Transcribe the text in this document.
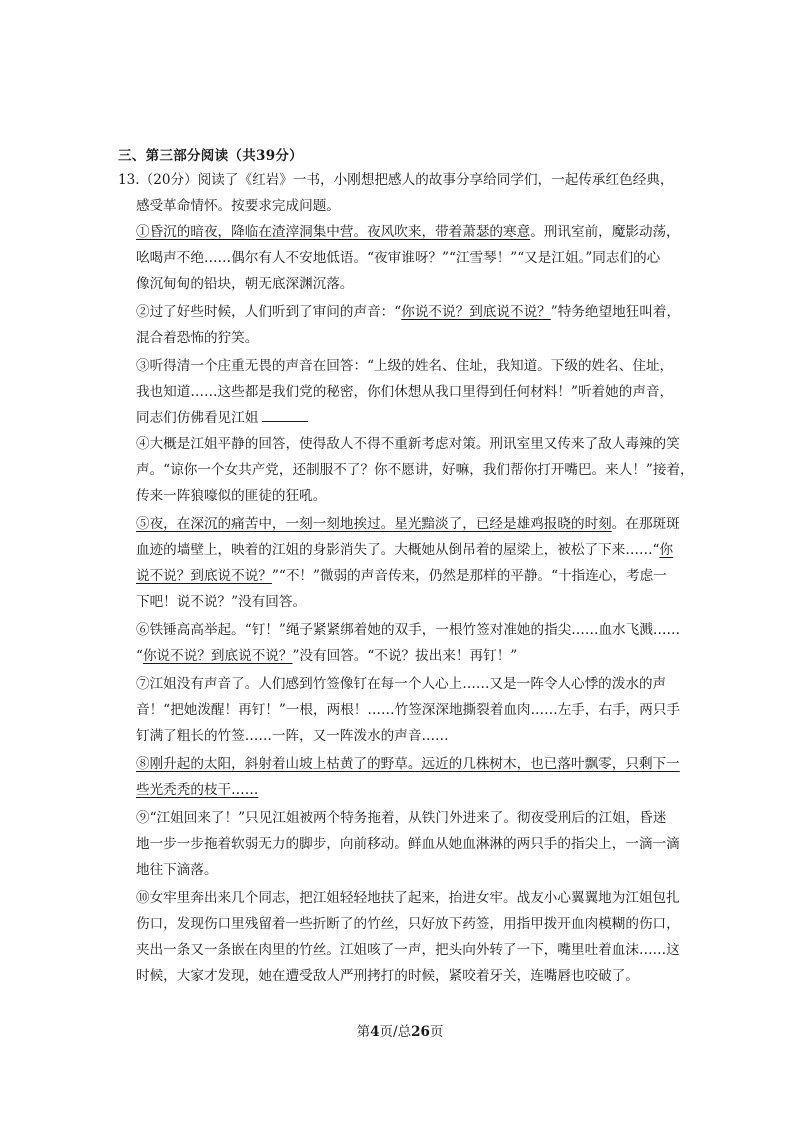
三、第三部分阅读（共39分）
13.（20分）阅读了《红岩》一书，小刚想把感人的故事分享给同学们，一起传承红色经典，
感受革命情怀。按要求完成问题。
①昏沉的暗夜，降临在渣滓洞集中营。夜风吹来，带着萧瑟的寒意。刑讯室前，魔影动荡，
吆喝声不绝……偶尔有人不安地低语。“夜审谁呀？”“江雪琴！”“又是江姐。”同志们的心
像沉甸甸的铅块，朝无底深渊沉落。
②过了好些时候，人们听到了审问的声音：“你说不说？到底说不说？”特务绝望地狂叫着，
混合着恐怖的狞笑。
③听得清一个庄重无畏的声音在回答：“上级的姓名、住址，我知道。下级的姓名、住址，
我也知道……这些都是我们党的秘密，你们休想从我口里得到任何材料！”听着她的声音，
同志们仿佛看见江姐
④大概是江姐平静的回答，使得敌人不得不重新考虑对策。刑讯室里又传来了敌人毒辣的笑
声。“谅你一个女共产党，还制服不了？你不愿讲，好嘛，我们帮你打开嘴巴。来人！”接着，
传来一阵狼嚎似的匪徒的狂吼。
⑤夜，在深沉的痛苦中，一刻一刻地挨过。星光黯淡了，已经是雄鸡报晓的时刻。在那斑斑
血迹的墙壁上，映着的江姐的身影消失了。大概她从倒吊着的屋梁上，被松了下来……“你
说不说？到底说不说？”“不！”微弱的声音传来，仍然是那样的平静。“十指连心，考虑一
下吧！说不说？”没有回答。
⑥铁锤高高举起。“钉！”绳子紧紧绑着她的双手，一根竹签对准她的指尖……血水飞溅……
“你说不说？到底说不说？”没有回答。“不说？拔出来！再钉！”
⑦江姐没有声音了。人们感到竹签像钉在每一个人心上……又是一阵令人心悸的泼水的声
音！“把她泼醒！再钉！”一根，两根！……竹签深深地撕裂着血肉……左手，右手，两只手
钉满了粗长的竹签……一阵，又一阵泼水的声音……
⑧刚升起的太阳，斜射着山坡上枯黄了的野草。远近的几株树木，也已落叶飘零，只剩下一
些光秃秃的枝干……
⑨“江姐回来了！”只见江姐被两个特务拖着，从铁门外进来了。彻夜受刑后的江姐，昏迷
地一步一步拖着软弱无力的脚步，向前移动。鲜血从她血淋淋的两只手的指尖上，一滴一滴
地往下滴落。
⑩女牢里奔出来几个同志，把江姐轻轻地扶了起来，抬进女牢。战友小心翼翼地为江姐包扎
伤口，发现伤口里残留着一些折断了的竹丝，只好放下药签，用指甲拨开血肉模糊的伤口，
夹出一条又一条嵌在肉里的竹丝。江姐咳了一声，把头向外转了一下，嘴里吐着血沫……这
时候，大家才发现，她在遭受敌人严刑拷打的时候，紧咬着牙关，连嘴唇也咬破了。
第4页/总26页
